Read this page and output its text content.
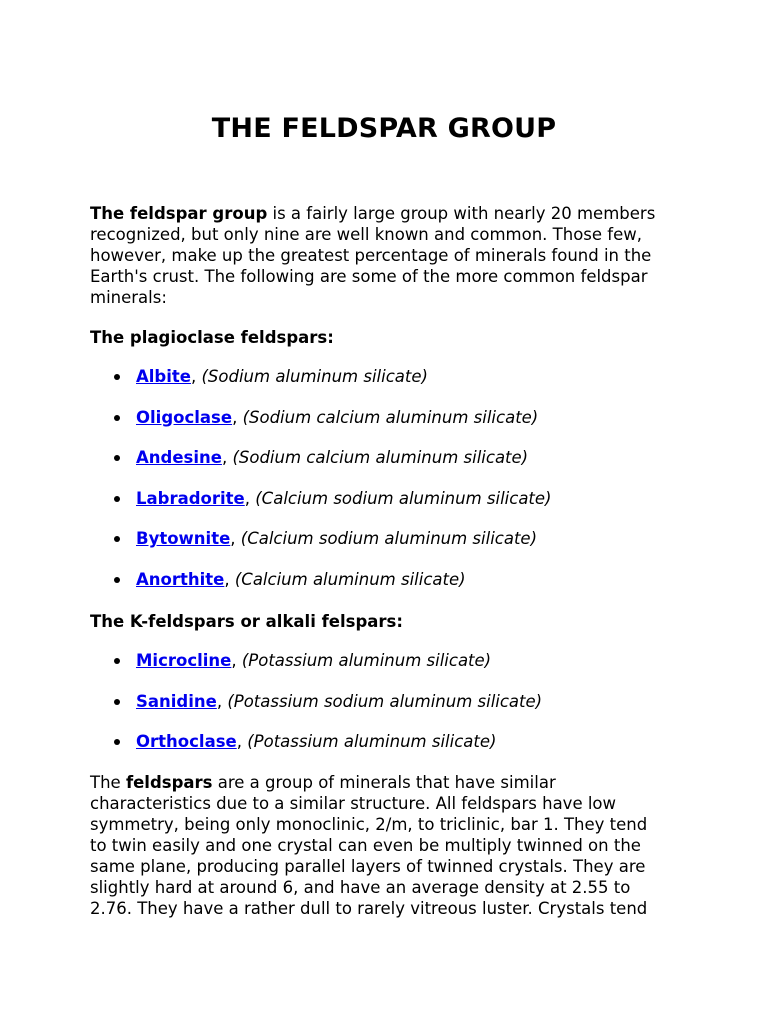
THE FELDSPAR GROUP

The feldspar group is a fairly large group with nearly 20 members recognized, but only nine are well known and common. Those few, however, make up the greatest percentage of minerals found in the Earth's crust. The following are some of the more common feldspar minerals:

The plagioclase feldspars:

Albite, (Sodium aluminum silicate)
Oligoclase, (Sodium calcium aluminum silicate)
Andesine, (Sodium calcium aluminum silicate)
Labradorite, (Calcium sodium aluminum silicate)
Bytownite, (Calcium sodium aluminum silicate)
Anorthite, (Calcium aluminum silicate)

The K-feldspars or alkali felspars:

Microcline, (Potassium aluminum silicate)
Sanidine, (Potassium sodium aluminum silicate)
Orthoclase, (Potassium aluminum silicate)

The feldspars are a group of minerals that have similar characteristics due to a similar structure. All feldspars have low symmetry, being only monoclinic, 2/m, to triclinic, bar 1. They tend to twin easily and one crystal can even be multiply twinned on the same plane, producing parallel layers of twinned crystals. They are slightly hard at around 6, and have an average density at 2.55 to 2.76. They have a rather dull to rarely vitreous luster. Crystals tend
